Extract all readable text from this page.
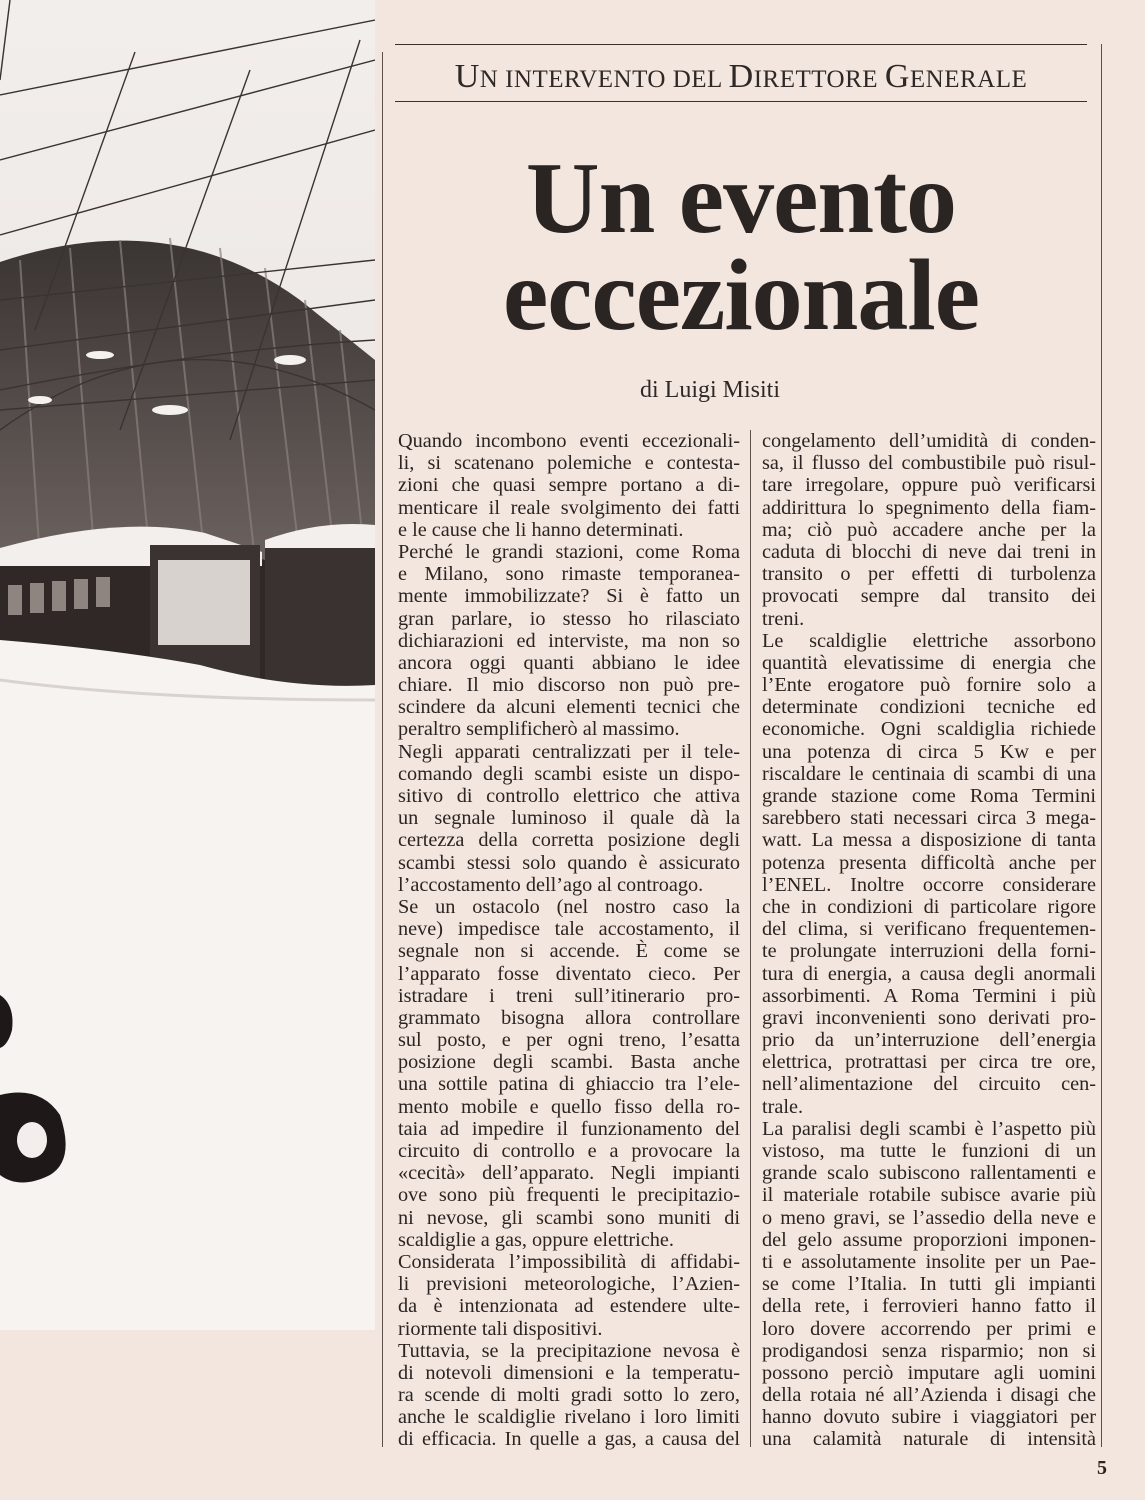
UN INTERVENTO DEL DIRETTORE GENERALE
Un evento
eccezionale
di Luigi Misiti
Quando incombono eventi eccezionali-
li, si scatenano polemiche e contesta-
zioni che quasi sempre portano a di-
menticare il reale svolgimento dei fatti
e le cause che li hanno determinati.
Perché le grandi stazioni, come Roma
e Milano, sono rimaste temporanea-
mente immobilizzate? Si è fatto un
gran parlare, io stesso ho rilasciato
dichiarazioni ed interviste, ma non so
ancora oggi quanti abbiano le idee
chiare. Il mio discorso non può pre-
scindere da alcuni elementi tecnici che
peraltro semplificherò al massimo.
Negli apparati centralizzati per il tele-
comando degli scambi esiste un dispo-
sitivo di controllo elettrico che attiva
un segnale luminoso il quale dà la
certezza della corretta posizione degli
scambi stessi solo quando è assicurato
l’accostamento dell’ago al controago.
Se un ostacolo (nel nostro caso la
neve) impedisce tale accostamento, il
segnale non si accende. È come se
l’apparato fosse diventato cieco. Per
istradare i treni sull’itinerario pro-
grammato bisogna allora controllare
sul posto, e per ogni treno, l’esatta
posizione degli scambi. Basta anche
una sottile patina di ghiaccio tra l’ele-
mento mobile e quello fisso della ro-
taia ad impedire il funzionamento del
circuito di controllo e a provocare la
«cecità» dell’apparato. Negli impianti
ove sono più frequenti le precipitazio-
ni nevose, gli scambi sono muniti di
scaldiglie a gas, oppure elettriche.
Considerata l’impossibilità di affidabi-
li previsioni meteorologiche, l’Azien-
da è intenzionata ad estendere ulte-
riormente tali dispositivi.
Tuttavia, se la precipitazione nevosa è
di notevoli dimensioni e la temperatu-
ra scende di molti gradi sotto lo zero,
anche le scaldiglie rivelano i loro limiti
di efficacia. In quelle a gas, a causa del
congelamento dell’umidità di conden-
sa, il flusso del combustibile può risul-
tare irregolare, oppure può verificarsi
addirittura lo spegnimento della fiam-
ma; ciò può accadere anche per la
caduta di blocchi di neve dai treni in
transito o per effetti di turbolenza
provocati sempre dal transito dei
treni.
Le scaldiglie elettriche assorbono
quantità elevatissime di energia che
l’Ente erogatore può fornire solo a
determinate condizioni tecniche ed
economiche. Ogni scaldiglia richiede
una potenza di circa 5 Kw e per
riscaldare le centinaia di scambi di una
grande stazione come Roma Termini
sarebbero stati necessari circa 3 mega-
watt. La messa a disposizione di tanta
potenza presenta difficoltà anche per
l’ENEL. Inoltre occorre considerare
che in condizioni di particolare rigore
del clima, si verificano frequentemen-
te prolungate interruzioni della forni-
tura di energia, a causa degli anormali
assorbimenti. A Roma Termini i più
gravi inconvenienti sono derivati pro-
prio da un’interruzione dell’energia
elettrica, protrattasi per circa tre ore,
nell’alimentazione del circuito cen-
trale.
La paralisi degli scambi è l’aspetto più
vistoso, ma tutte le funzioni di un
grande scalo subiscono rallentamenti e
il materiale rotabile subisce avarie più
o meno gravi, se l’assedio della neve e
del gelo assume proporzioni imponen-
ti e assolutamente insolite per un Pae-
se come l’Italia. In tutti gli impianti
della rete, i ferrovieri hanno fatto il
loro dovere accorrendo per primi e
prodigandosi senza risparmio; non si
possono perciò imputare agli uomini
della rotaia né all’Azienda i disagi che
hanno dovuto subire i viaggiatori per
una calamità naturale di intensità
5
